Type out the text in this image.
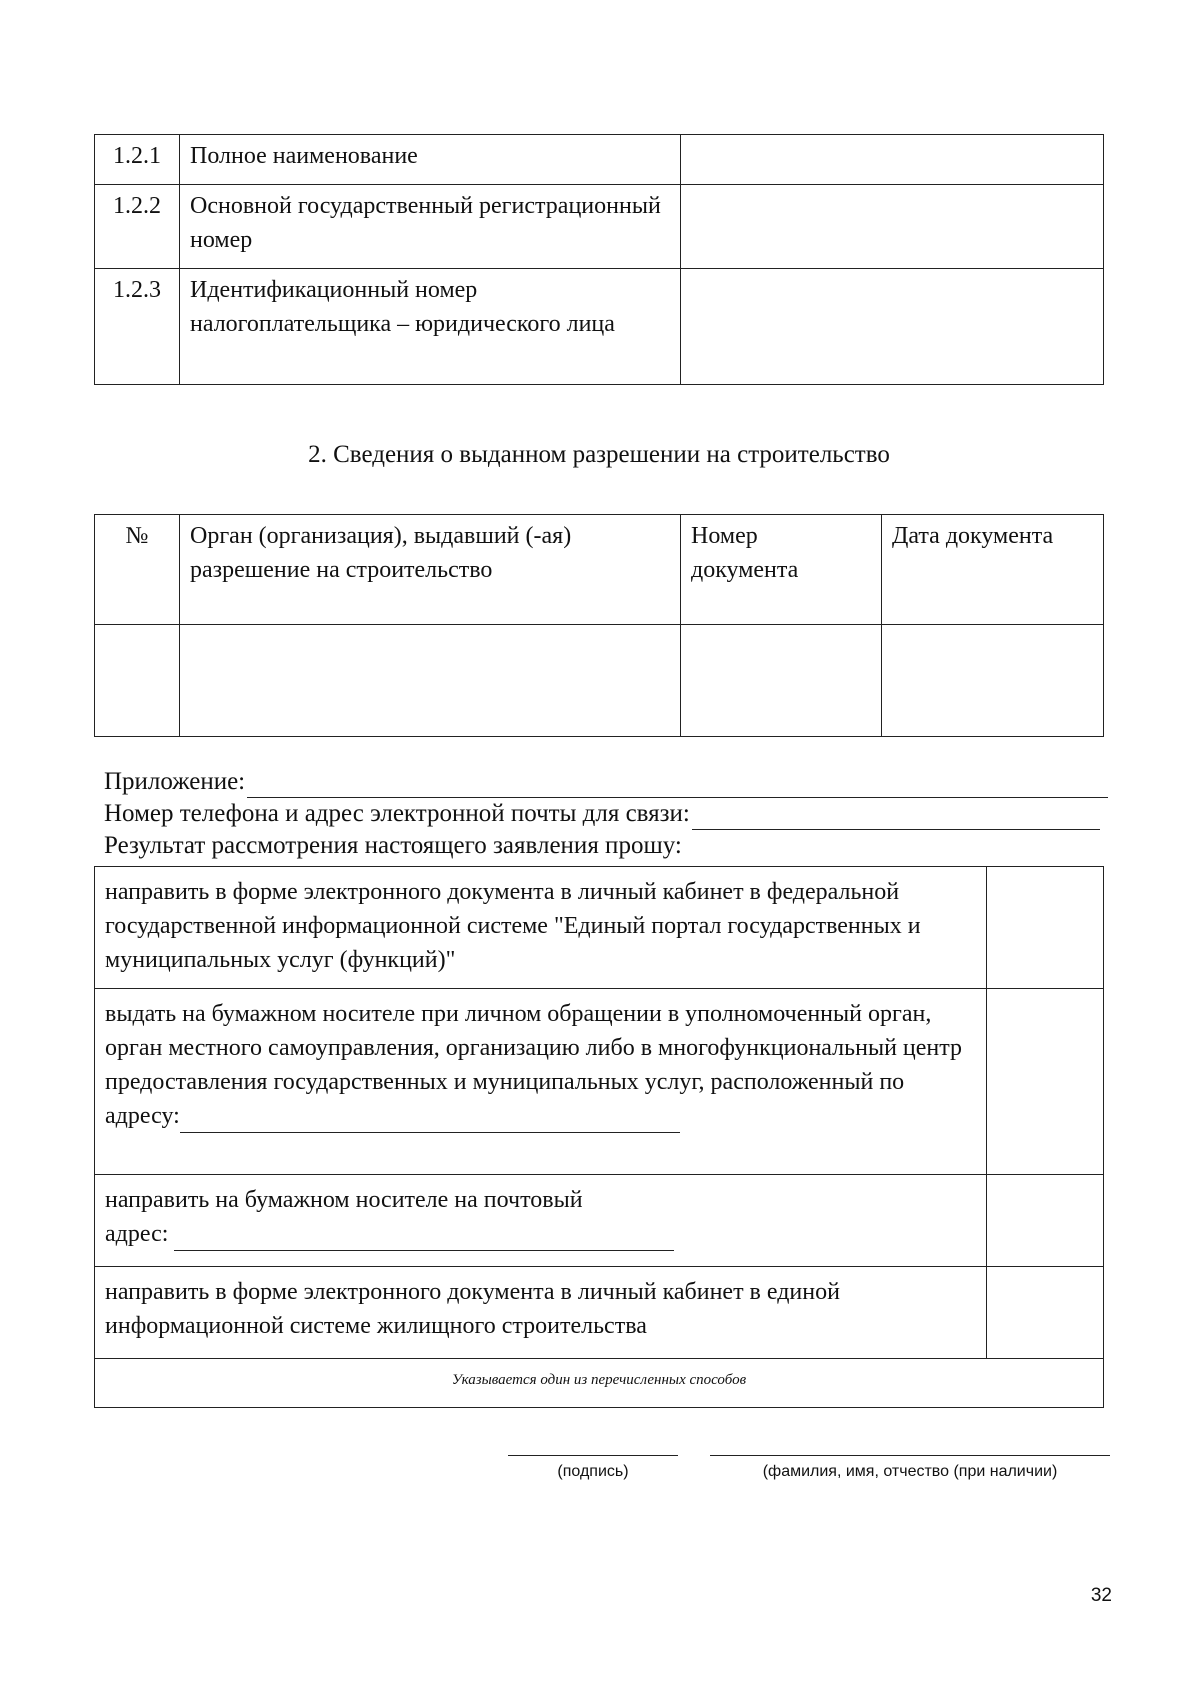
1.2.1	Полное наименование	
1.2.2	Основной государственный регистрационный номер	
1.2.3	Идентификационный номер налогоплательщика – юридического лица	
2. Сведения о выданном разрешении на строительство
№	Орган (организация), выдавший (-ая) разрешение на строительство	Номер документа	Дата документа

Приложение:
Номер телефона и адрес электронной почты для связи:
Результат рассмотрения настоящего заявления прошу:
направить в форме электронного документа в личный кабинет в федеральной государственной информационной системе "Единый портал государственных и муниципальных услуг (функций)"	
выдать на бумажном носителе при личном обращении в уполномоченный орган, орган местного самоуправления, организацию либо в многофункциональный центр предоставления государственных и муниципальных услуг, расположенный по
адресу:	
направить на бумажном носителе на почтовый
адрес:	
направить в форме электронного документа в личный кабинет в единой информационной системе жилищного строительства	
Указывается один из перечисленных способов	
(подпись)	(фамилия, имя, отчество (при наличии)
32
